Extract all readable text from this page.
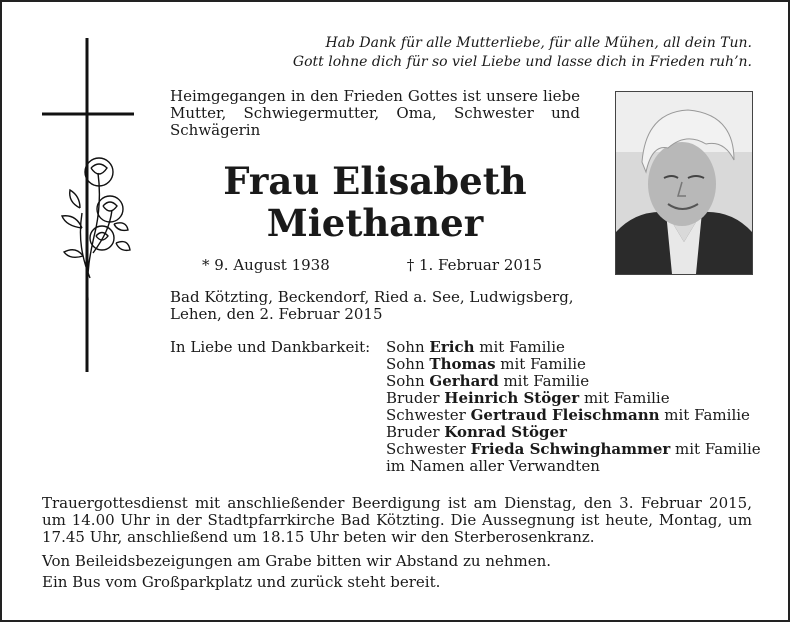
Hab Dank für alle Mutterliebe, für alle Mühen, all dein Tun.
Gott lohne dich für so viel Liebe und lasse dich in Frieden ruh’n.
Heimgegangen in den Frieden Gottes ist unsere liebe Mutter, Schwiegermutter, Oma, Schwester und Schwägerin
Frau Elisabeth
Miethaner
* 9. August 1938	† 1. Februar 2015
Bad Kötzting, Beckendorf, Ried a. See, Ludwigsberg,
Lehen, den 2. Februar 2015
In Liebe und Dankbarkeit: Sohn Erich mit Familie
Sohn Thomas mit Familie
Sohn Gerhard mit Familie
Bruder Heinrich Stöger mit Familie
Schwester Gertraud Fleischmann mit Familie
Bruder Konrad Stöger
Schwester Frieda Schwinghammer mit Familie
im Namen aller Verwandten
Trauergottesdienst mit anschließender Beerdigung ist am Dienstag, den 3. Februar 2015, um 14.00 Uhr in der Stadtpfarrkirche Bad Kötzting. Die Aussegnung ist heute, Montag, um 17.45 Uhr, anschließend um 18.15 Uhr beten wir den Sterberosenkranz.
Von Beileidsbezeigungen am Grabe bitten wir Abstand zu nehmen.
Ein Bus vom Großparkplatz und zurück steht bereit.
